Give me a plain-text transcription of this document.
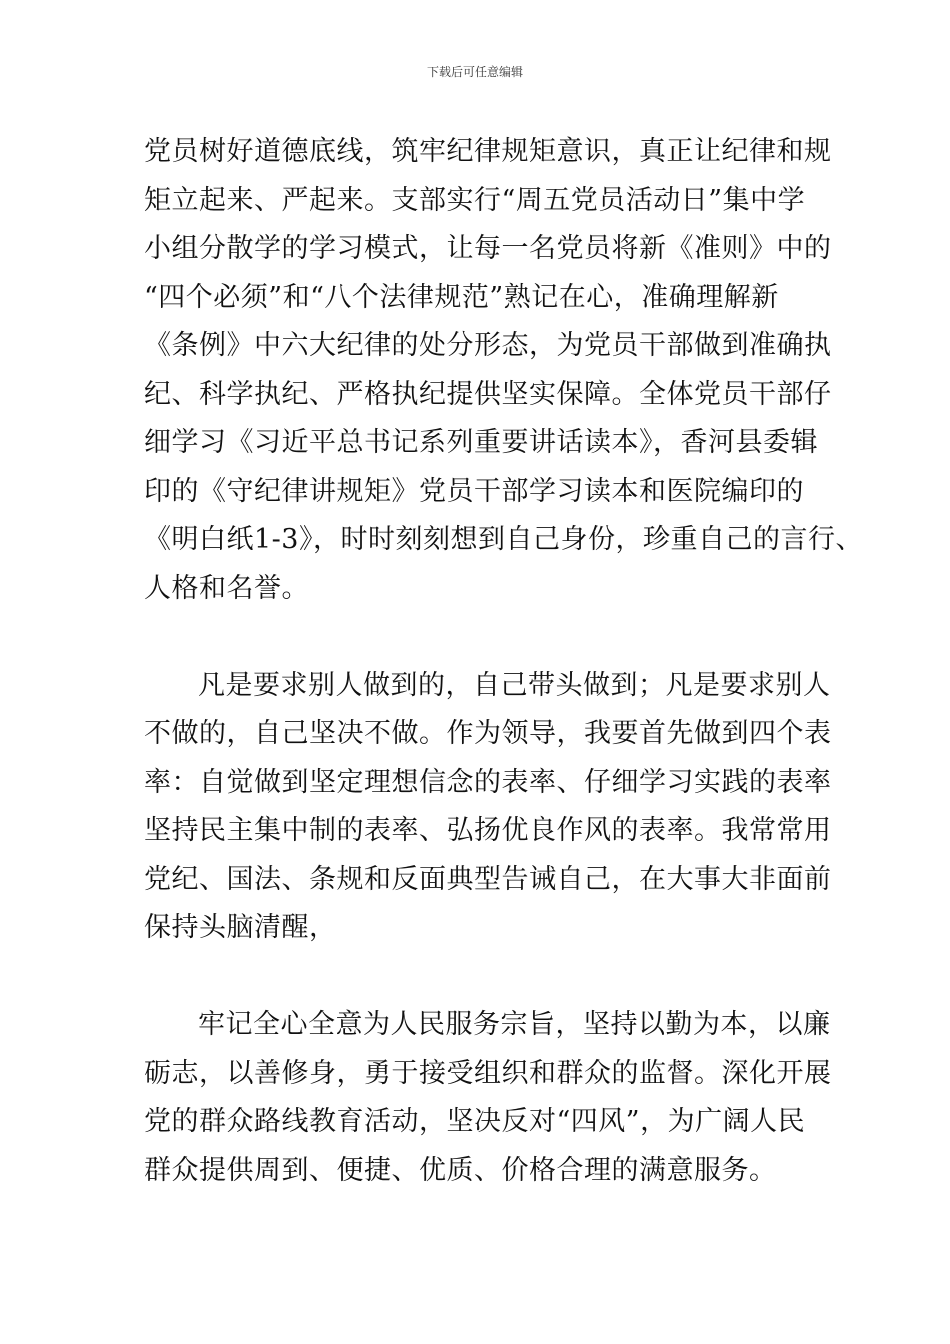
下载后可任意编辑
党员树好道德底线，筑牢纪律规矩意识，真正让纪律和规
矩立起来、严起来。支部实行“周五党员活动日”集中学
小组分散学的学习模式，让每一名党员将新《准则》中的
“四个必须”和“八个法律规范”熟记在心，准确理解新
《条例》中六大纪律的处分形态，为党员干部做到准确执
纪、科学执纪、严格执纪提供坚实保障。全体党员干部仔
细学习《习近平总书记系列重要讲话读本》，香河县委辑
印的《守纪律讲规矩》党员干部学习读本和医院编印的
《明白纸1-3》，时时刻刻想到自己身份，珍重自己的言行、
人格和名誉。
凡是要求别人做到的，自己带头做到；凡是要求别人
不做的，自己坚决不做。作为领导，我要首先做到四个表
率：自觉做到坚定理想信念的表率、仔细学习实践的表率
坚持民主集中制的表率、弘扬优良作风的表率。我常常用
党纪、国法、条规和反面典型告诫自己，在大事大非面前
保持头脑清醒，
牢记全心全意为人民服务宗旨，坚持以勤为本，以廉
砺志，以善修身，勇于接受组织和群众的监督。深化开展
党的群众路线教育活动，坚决反对“四风”，为广阔人民
群众提供周到、便捷、优质、价格合理的满意服务。
